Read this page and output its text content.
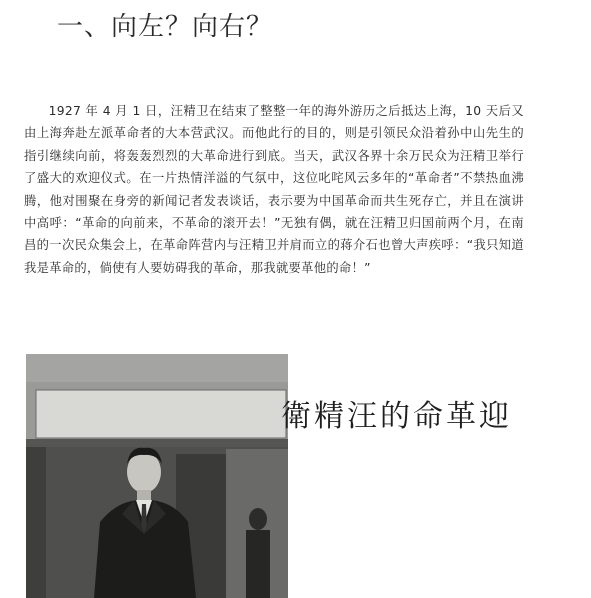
一、向左？向右？

1927 年 4 月 1 日，汪精卫在结束了整整一年的海外游历之后抵达上海，10 天后又由上海奔赴左派革命者的大本营武汉。而他此行的目的，则是引领民众沿着孙中山先生的指引继续向前，将轰轰烈烈的大革命进行到底。当天，武汉各界十余万民众为汪精卫举行了盛大的欢迎仪式。在一片热情洋溢的气氛中，这位叱咤风云多年的“革命者”不禁热血沸腾，他对围聚在身旁的新闻记者发表谈话，表示要为中国革命而共生死存亡，并且在演讲中高呼：“革命的向前来，不革命的滚开去！”无独有偶，就在汪精卫归国前两个月，在南昌的一次民众集会上，在革命阵营内与汪精卫并肩而立的蒋介石也曾大声疾呼：“我只知道我是革命的，倘使有人要妨碍我的革命，那我就要革他的命！”

迎革命的汪精衛
